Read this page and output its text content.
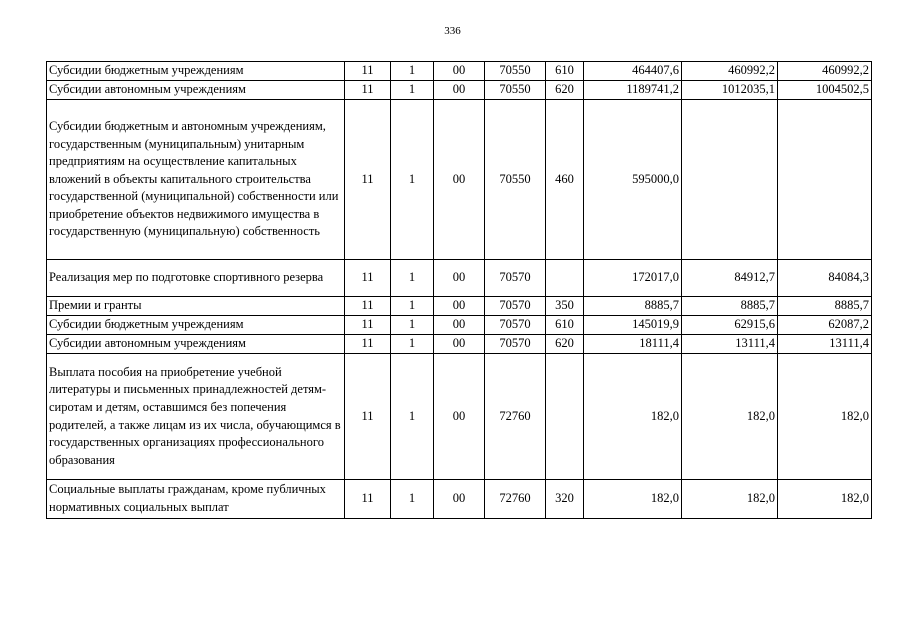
336
Субсидии бюджетным учреждениям	11	1	00	70550	610	464407,6	460992,2	460992,2
Субсидии автономным учреждениям	11	1	00	70550	620	1189741,2	1012035,1	1004502,5
Субсидии бюджетным и автономным учреждениям, государственным (муниципальным) унитарным предприятиям на осуществление капитальных вложений в объекты капитального строительства государственной (муниципальной) собственности или приобретение объектов недвижимого имущества в государственную (муниципальную) собственность	11	1	00	70550	460	595000,0		
Реализация мер по подготовке спортивного резерва	11	1	00	70570		172017,0	84912,7	84084,3
Премии и гранты	11	1	00	70570	350	8885,7	8885,7	8885,7
Субсидии бюджетным учреждениям	11	1	00	70570	610	145019,9	62915,6	62087,2
Субсидии автономным учреждениям	11	1	00	70570	620	18111,4	13111,4	13111,4
Выплата пособия на приобретение учебной литературы и письменных принадлежностей детям-сиротам и детям, оставшимся без попечения родителей, а также лицам из их числа, обучающимся в государственных организациях профессионального образования	11	1	00	72760		182,0	182,0	182,0
Социальные выплаты гражданам, кроме публичных нормативных социальных выплат	11	1	00	72760	320	182,0	182,0	182,0
